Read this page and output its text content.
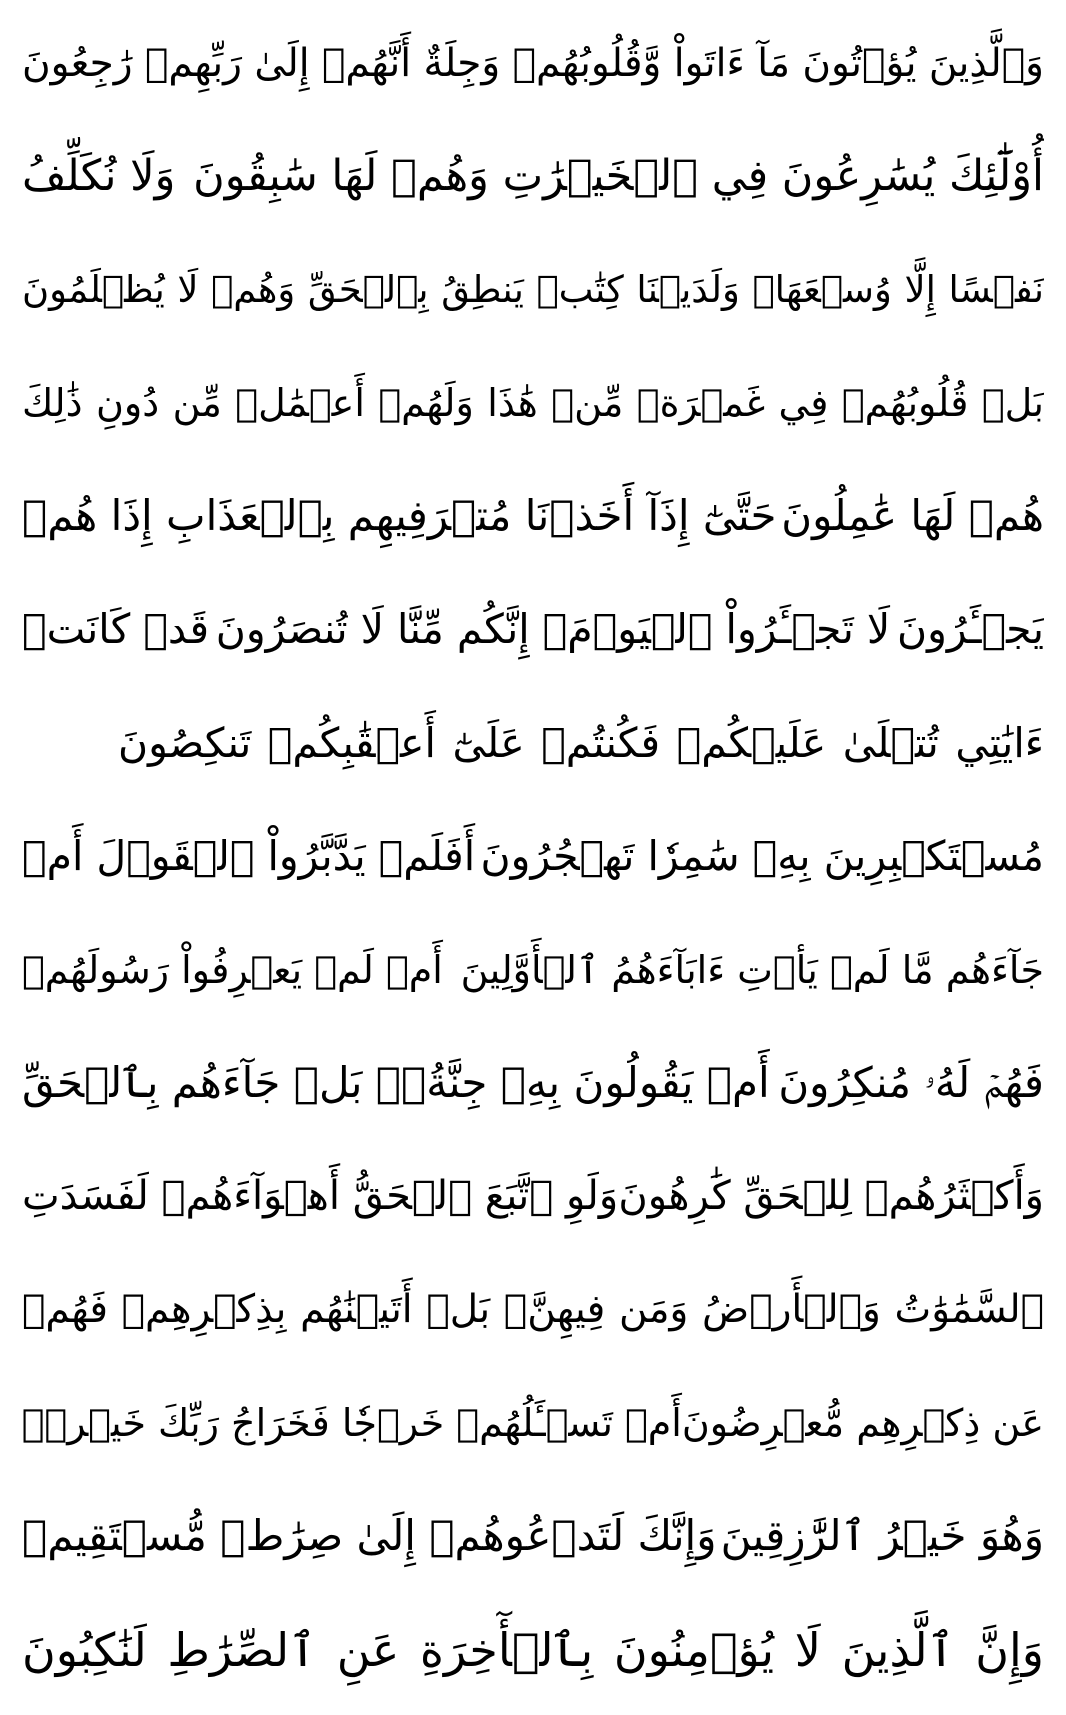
وَٱلَّذِينَ يُؤۡتُونَ مَآ ءَاتَواْ وَّقُلُوبُهُمۡ وَجِلَةٌ أَنَّهُمۡ إِلَىٰ رَبِّهِمۡ رَٰجِعُونَ
أُوْلَٰٓئِكَ يُسَٰرِعُونَ فِي ٱلۡخَيۡرَٰتِ وَهُمۡ لَهَا سَٰبِقُونَ
وَلَا نُكَلِّفُ
نَفۡسًا إِلَّا وُسۡعَهَاۖ وَلَدَيۡنَا كِتَٰبٞ يَنطِقُ بِٱلۡحَقِّ وَهُمۡ لَا يُظۡلَمُونَ
بَلۡ قُلُوبُهُمۡ فِي غَمۡرَةٖ مِّنۡ هَٰذَا وَلَهُمۡ أَعۡمَٰلٞ مِّن دُونِ ذَٰلِكَ
هُمۡ لَهَا عَٰمِلُونَ
حَتَّىٰٓ إِذَآ أَخَذۡنَا مُتۡرَفِيهِم بِٱلۡعَذَابِ إِذَا هُمۡ
يَجۡـَٔرُونَ
لَا تَجۡـَٔرُواْ ٱلۡيَوۡمَۖ إِنَّكُم مِّنَّا لَا تُنصَرُونَ
قَدۡ كَانَتۡ
ءَايَٰتِي تُتۡلَىٰ عَلَيۡكُمۡ فَكُنتُمۡ عَلَىٰٓ أَعۡقَٰبِكُمۡ تَنكِصُونَ
مُسۡتَكۡبِرِينَ بِهِۦ سَٰمِرٗا تَهۡجُرُونَ
أَفَلَمۡ يَدَّبَّرُواْ ٱلۡقَوۡلَ أَمۡ
جَآءَهُم مَّا لَمۡ يَأۡتِ ءَابَآءَهُمُ ٱلۡأَوَّلِينَ
أَمۡ لَمۡ يَعۡرِفُواْ رَسُولَهُمۡ
فَهُمۡ لَهُۥ مُنكِرُونَ
أَمۡ يَقُولُونَ بِهِۦ جِنَّةُۢۚ بَلۡ جَآءَهُم بِٱلۡحَقِّ
وَأَكۡثَرُهُمۡ لِلۡحَقِّ كَٰرِهُونَ
وَلَوِ ٱتَّبَعَ ٱلۡحَقُّ أَهۡوَآءَهُمۡ لَفَسَدَتِ
ٱلسَّمَٰوَٰتُ وَٱلۡأَرۡضُ وَمَن فِيهِنَّۚ بَلۡ أَتَيۡنَٰهُم بِذِكۡرِهِمۡ فَهُمۡ
عَن ذِكۡرِهِم مُّعۡرِضُونَ
أَمۡ تَسۡـَٔلُهُمۡ خَرۡجٗا فَخَرَاجُ رَبِّكَ خَيۡرٞۖ
وَهُوَ خَيۡرُ ٱلرَّٰزِقِينَ
وَإِنَّكَ لَتَدۡعُوهُمۡ إِلَىٰ صِرَٰطٖ مُّسۡتَقِيمٖ
وَإِنَّ ٱلَّذِينَ لَا يُؤۡمِنُونَ بِٱلۡأٓخِرَةِ عَنِ ٱلصِّرَٰطِ لَنَٰكِبُونَ
